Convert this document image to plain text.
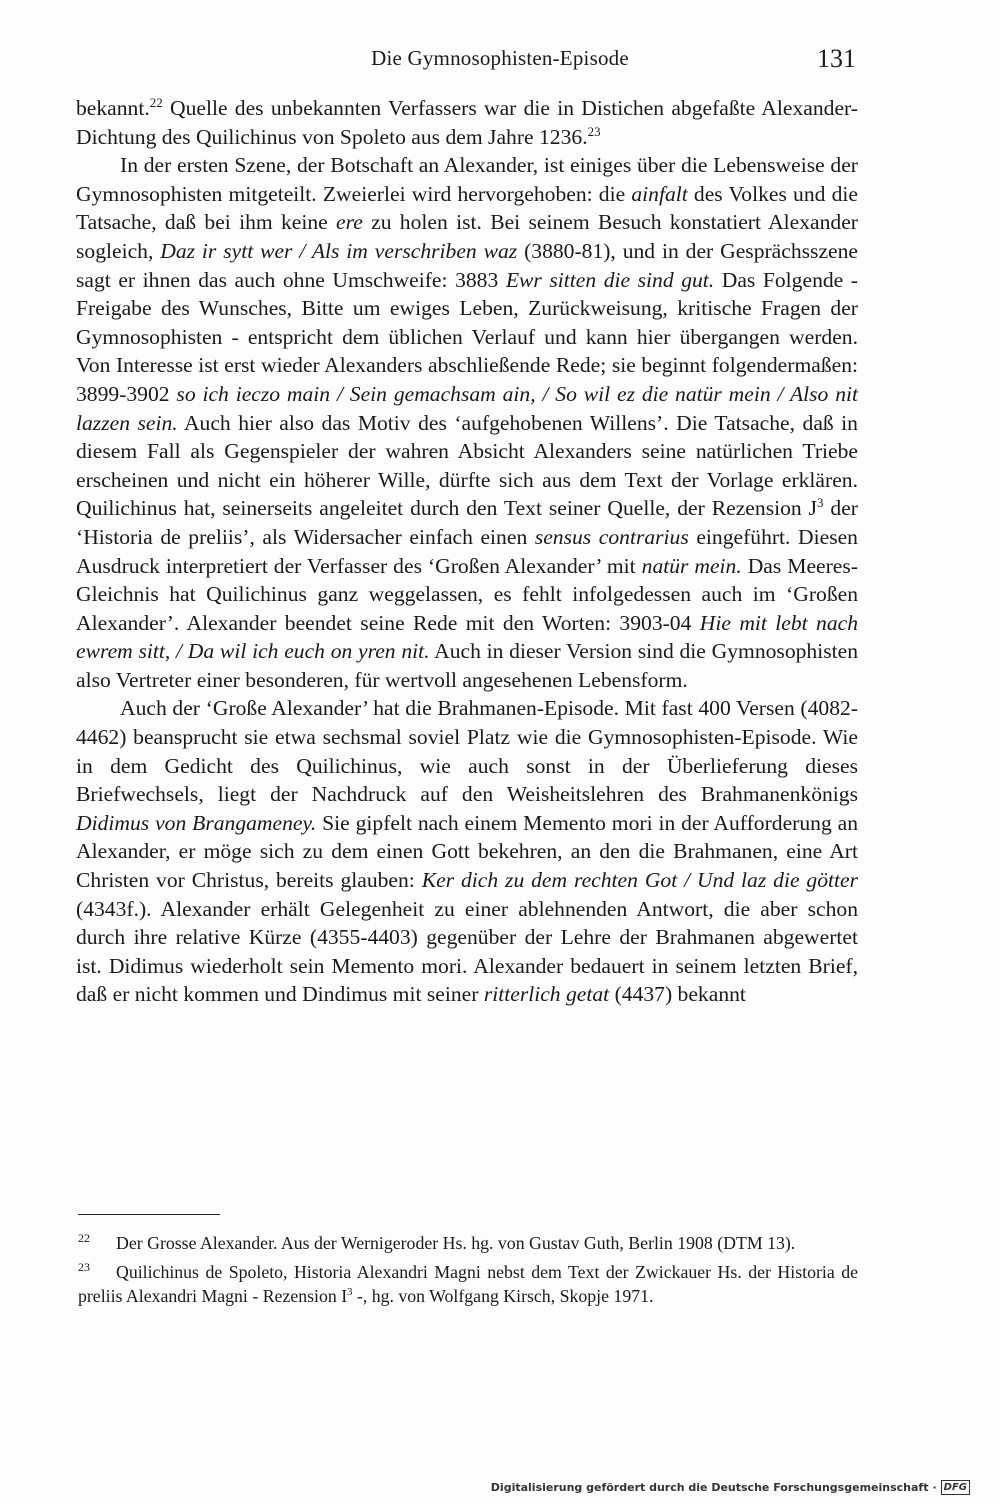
Die Gymnosophisten-Episode	131

bekannt.$^{22}$ Quelle des unbekannten Verfassers war die in Distichen abgefaßte Alexander-Dichtung des Quilichinus von Spoleto aus dem Jahre 1236.23

In der ersten Szene, der Botschaft an Alexander, ist einiges über die Lebensweise der Gymnosophisten mitgeteilt. Zweierlei wird hervorgehoben: die ainfalt des Volkes und die Tatsache, daß bei ihm keine ere zu holen ist. Bei seinem Besuch konstatiert Alexander sogleich, Daz ir sytt wer / Als im verschriben waz (3880-81), und in der Gesprächsszene sagt er ihnen das auch ohne Umschweife: 3883 Ewr sitten die sind gut. Das Folgende - Freigabe des Wunsches, Bitte um ewiges Leben, Zurückweisung, kritische Fragen der Gymnosophisten - entspricht dem üblichen Verlauf und kann hier übergangen werden. Von Interesse ist erst wieder Alexanders abschließende Rede; sie beginnt folgendermaßen: 3899-3902 so ich ieczo main / Sein gemachsam ain, / So wil ez die natür mein / Also nit lazzen sein. Auch hier also das Motiv des ‘aufgehobenen Willens’. Die Tatsache, daß in diesem Fall als Gegenspieler der wahren Absicht Alexanders seine natürlichen Triebe erscheinen und nicht ein höherer Wille, dürfte sich aus dem Text der Vorlage erklären. Quilichinus hat, seinerseits angeleitet durch den Text seiner Quelle, der Rezension $J^3$ der ‘Historia de preliis’, als Widersacher einfach einen sensus contrarius eingeführt. Diesen Ausdruck interpretiert der Verfasser des ‘Großen Alexander’ mit natür mein. Das Meeres-Gleichnis hat Quilichinus ganz weggelassen, es fehlt infolgedessen auch im ‘Großen Alexander’. Alexander beendet seine Rede mit den Worten: 3903-04 Hie mit lebt nach ewrem sitt, / Da wil ich euch on yren nit. Auch in dieser Version sind die Gymnosophisten also Vertreter einer besonderen, für wertvoll angesehenen Lebensform.

Auch der ‘Große Alexander’ hat die Brahmanen-Episode. Mit fast 400 Versen (4082-4462) beansprucht sie etwa sechsmal soviel Platz wie die Gymnosophisten-Episode. Wie in dem Gedicht des Quilichinus, wie auch sonst in der Überlieferung dieses Briefwechsels, liegt der Nachdruck auf den Weisheitslehren des Brahmanenkönigs Didimus von Brangameney. Sie gipfelt nach einem Memento mori in der Aufforderung an Alexander, er möge sich zu dem einen Gott bekehren, an den die Brahmanen, eine Art Christen vor Christus, bereits glauben: Ker dich zu dem rechten Got / Und laz die götter (4343f.). Alexander erhält Gelegenheit zu einer ablehnenden Antwort, die aber schon durch ihre relative Kürze (4355-4403) gegenüber der Lehre der Brahmanen abgewertet ist. Didimus wiederholt sein Memento mori. Alexander bedauert in seinem letzten Brief, daß er nicht kommen und Dindimus mit seiner ritterlich getat (4437) bekannt

$^{22}$ Der Grosse Alexander. Aus der Wernigeroder Hs. hg. von Gustav Guth, Berlin 1908 (DTM 13).

$^{23}$ Quilichinus de Spoleto, Historia Alexandri Magni nebst dem Text der Zwickauer Hs. der Historia de preliis Alexandri Magni - Rezension $I^3$ -, hg. von Wolfgang Kirsch, Skopje 1971.

Digitalisierung gefördert durch die Deutsche Forschungsgemeinschaft · DFG
